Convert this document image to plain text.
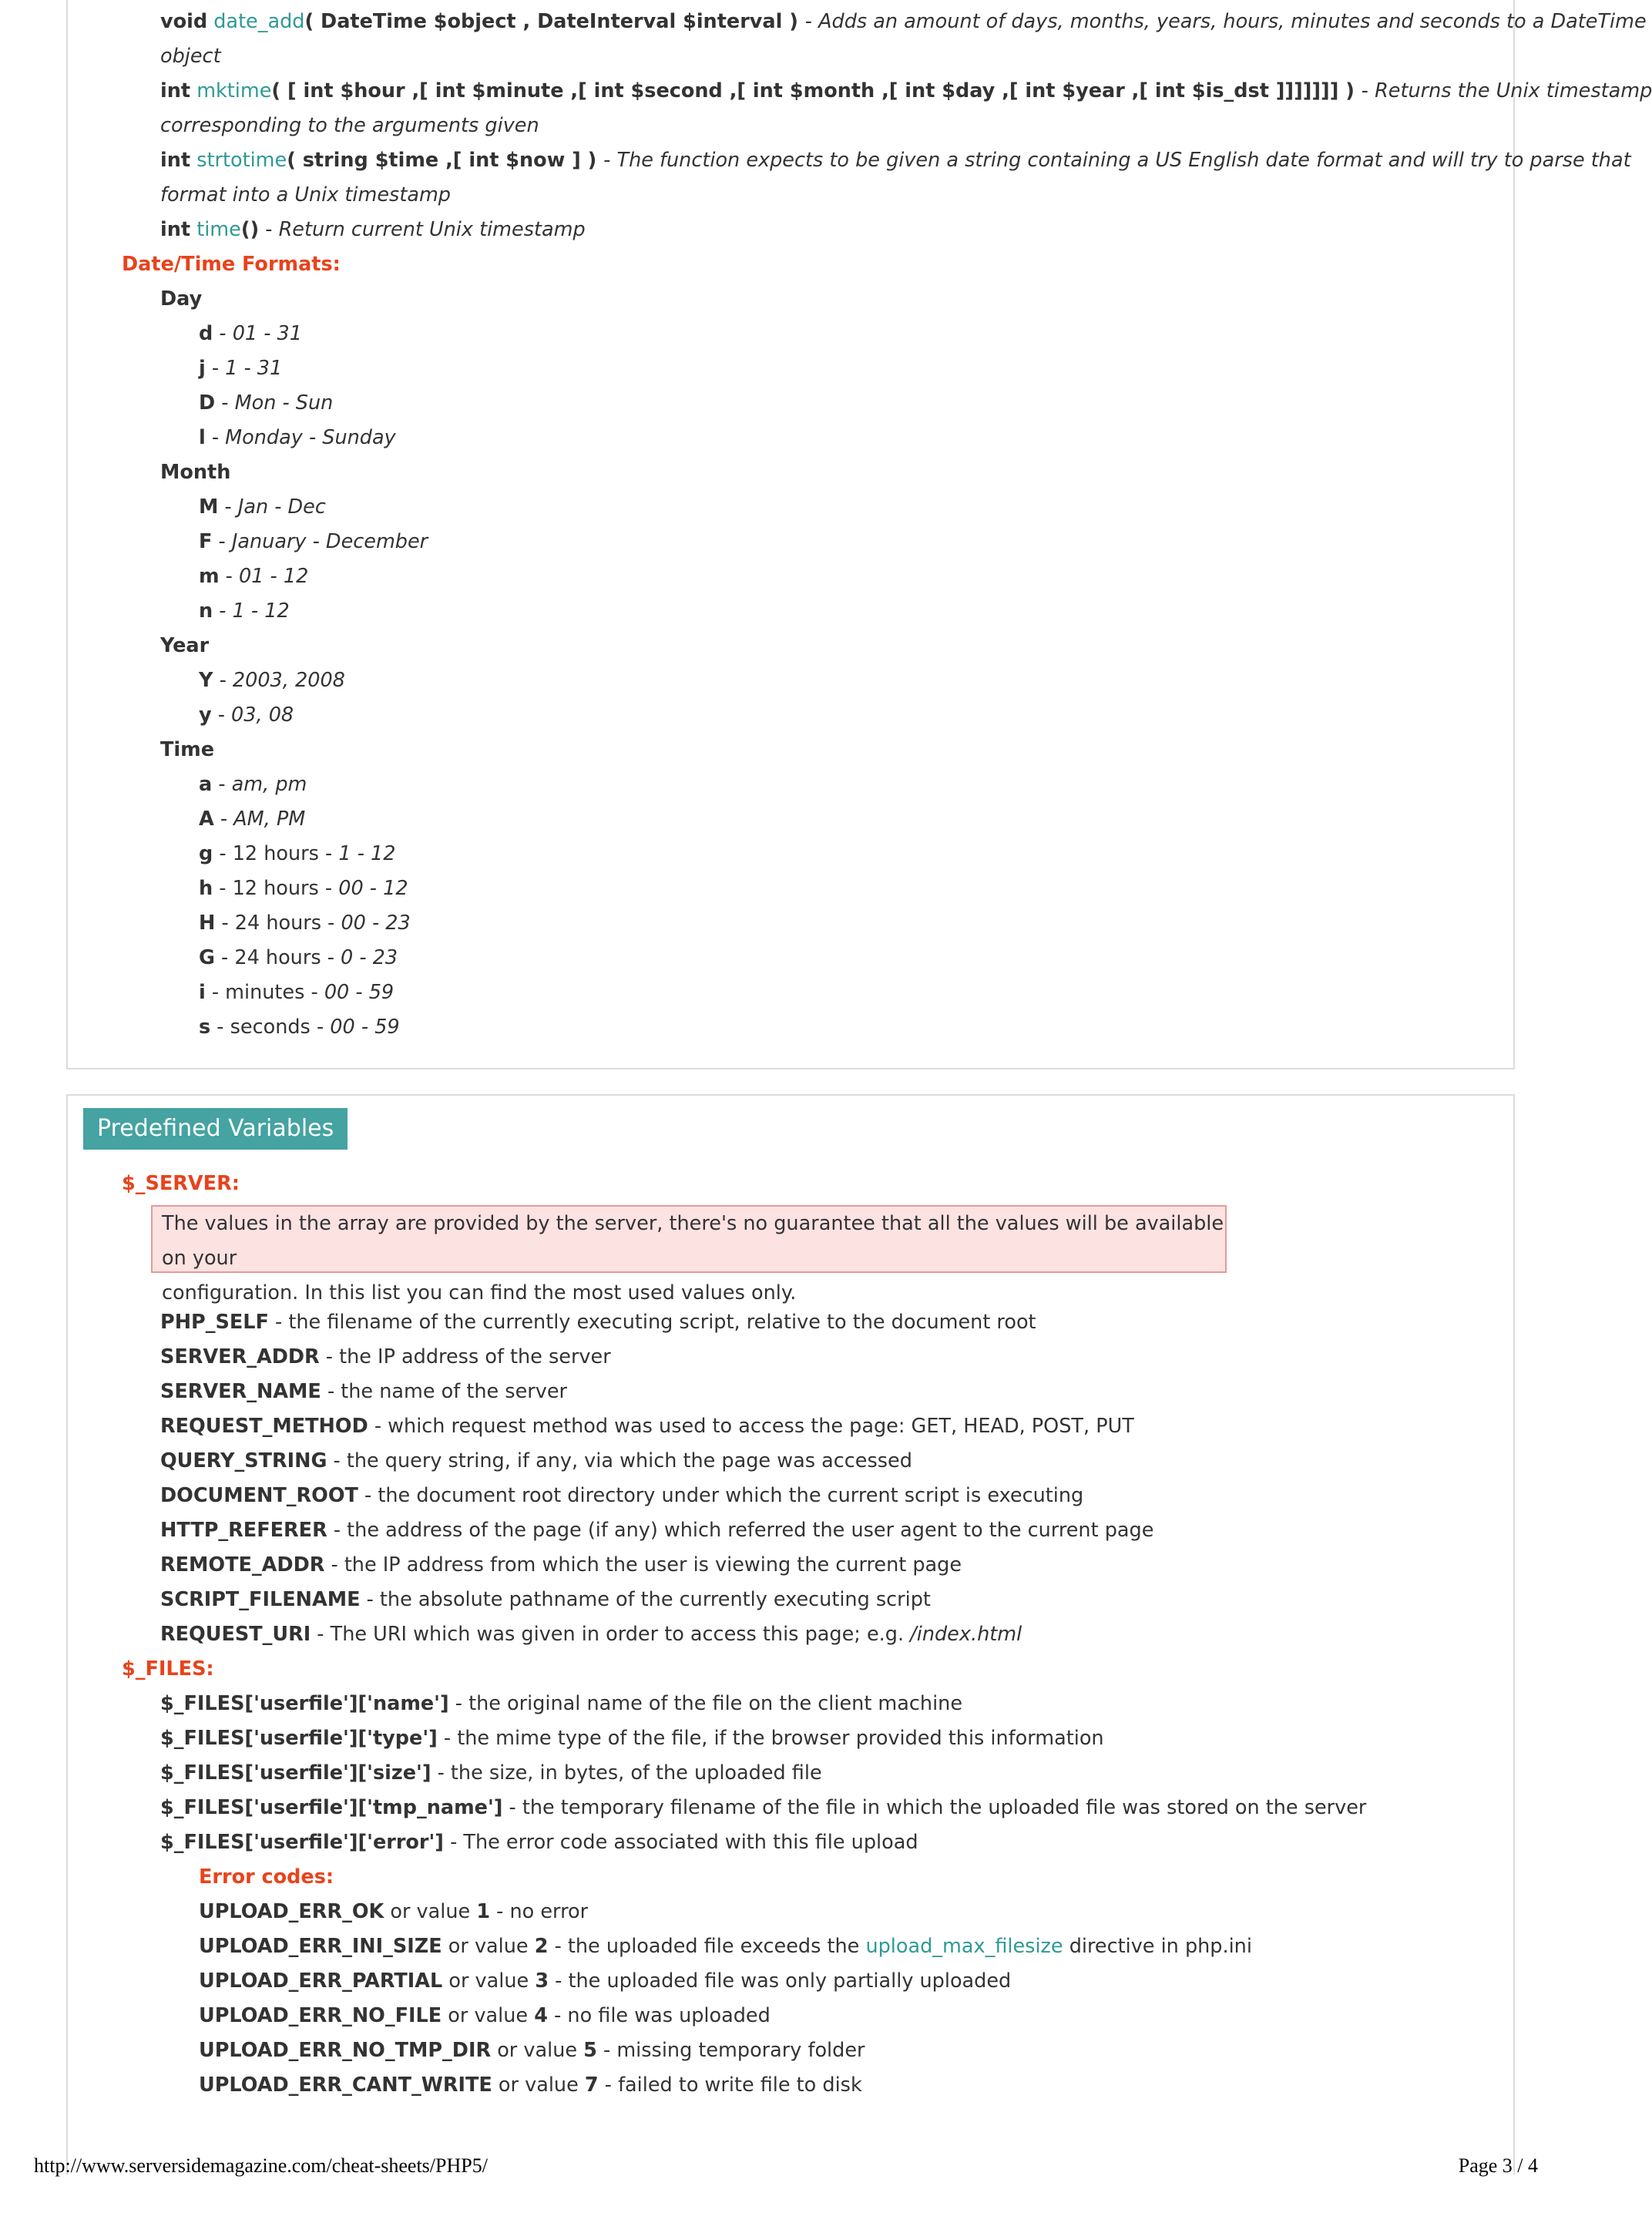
void date_add( DateTime $object , DateInterval $interval ) - Adds an amount of days, months, years, hours, minutes and seconds to a DateTime
object
int mktime( [ int $hour ,[ int $minute ,[ int $second ,[ int $month ,[ int $day ,[ int $year ,[ int $is_dst ]]]]]]] ) - Returns the Unix timestamp
corresponding to the arguments given
int strtotime( string $time ,[ int $now ] ) - The function expects to be given a string containing a US English date format and will try to parse that
format into a Unix timestamp
int time() - Return current Unix timestamp
Date/Time Formats:
Day
d - 01 - 31
j - 1 - 31
D - Mon - Sun
l - Monday - Sunday
Month
M - Jan - Dec
F - January - December
m - 01 - 12
n - 1 - 12
Year
Y - 2003, 2008
y - 03, 08
Time
a - am, pm
A - AM, PM
g - 12 hours - 1 - 12
h - 12 hours - 00 - 12
H - 24 hours - 00 - 23
G - 24 hours - 0 - 23
i - minutes - 00 - 59
s - seconds - 00 - 59
Predefined Variables
$_SERVER:
The values in the array are provided by the server, there's no guarantee that all the values will be available on your
configuration. In this list you can find the most used values only.
PHP_SELF - the filename of the currently executing script, relative to the document root
SERVER_ADDR - the IP address of the server
SERVER_NAME - the name of the server
REQUEST_METHOD - which request method was used to access the page: GET, HEAD, POST, PUT
QUERY_STRING - the query string, if any, via which the page was accessed
DOCUMENT_ROOT - the document root directory under which the current script is executing
HTTP_REFERER - the address of the page (if any) which referred the user agent to the current page
REMOTE_ADDR - the IP address from which the user is viewing the current page
SCRIPT_FILENAME - the absolute pathname of the currently executing script
REQUEST_URI - The URI which was given in order to access this page; e.g. /index.html
$_FILES:
$_FILES['userfile']['name'] - the original name of the file on the client machine
$_FILES['userfile']['type'] - the mime type of the file, if the browser provided this information
$_FILES['userfile']['size'] - the size, in bytes, of the uploaded file
$_FILES['userfile']['tmp_name'] - the temporary filename of the file in which the uploaded file was stored on the server
$_FILES['userfile']['error'] - The error code associated with this file upload
Error codes:
UPLOAD_ERR_OK or value 1 - no error
UPLOAD_ERR_INI_SIZE or value 2 - the uploaded file exceeds the upload_max_filesize directive in php.ini
UPLOAD_ERR_PARTIAL or value 3 - the uploaded file was only partially uploaded
UPLOAD_ERR_NO_FILE or value 4 - no file was uploaded
UPLOAD_ERR_NO_TMP_DIR or value 5 - missing temporary folder
UPLOAD_ERR_CANT_WRITE or value 7 - failed to write file to disk
http://www.serversidemagazine.com/cheat-sheets/PHP5/	Page 3 / 4
